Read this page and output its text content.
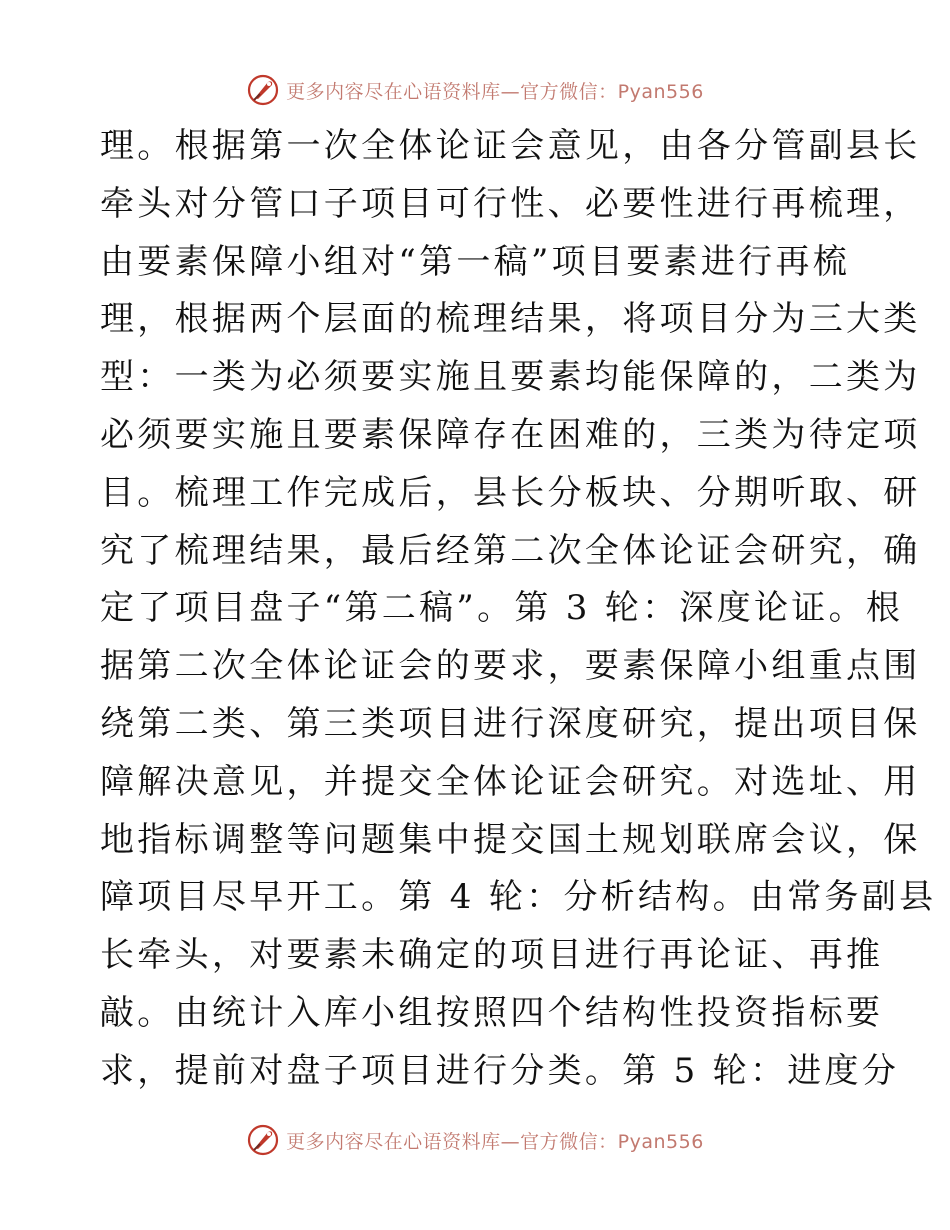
更多内容尽在心语资料库—官方微信：Pyan556
理。根据第一次全体论证会意见，由各分管副县长
牵头对分管口子项目可行性、必要性进行再梳理，
由要素保障小组对“第一稿”项目要素进行再梳
理，根据两个层面的梳理结果，将项目分为三大类
型：一类为必须要实施且要素均能保障的，二类为
必须要实施且要素保障存在困难的，三类为待定项
目。梳理工作完成后，县长分板块、分期听取、研
究了梳理结果，最后经第二次全体论证会研究，确
定了项目盘子“第二稿”。第 3 轮：深度论证。根
据第二次全体论证会的要求，要素保障小组重点围
绕第二类、第三类项目进行深度研究，提出项目保
障解决意见，并提交全体论证会研究。对选址、用
地指标调整等问题集中提交国土规划联席会议，保
障项目尽早开工。第 4 轮：分析结构。由常务副县
长牵头，对要素未确定的项目进行再论证、再推
敲。由统计入库小组按照四个结构性投资指标要
求，提前对盘子项目进行分类。第 5 轮：进度分
更多内容尽在心语资料库—官方微信：Pyan556
